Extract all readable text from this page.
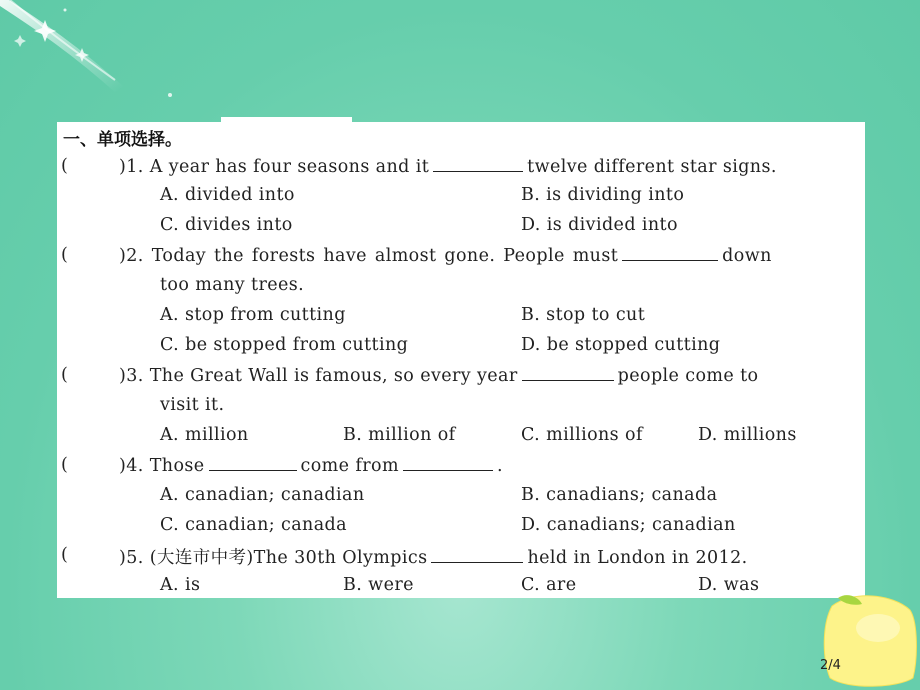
一、单项选择。
(	)1. A year has four seasons and it	twelve different star signs.
A. divided into	B. is dividing into
C. divides into	D. is divided into
(	)2. Today the forests have almost gone. People must	down
too many trees.
A. stop from cutting	B. stop to cut
C. be stopped from cutting	D. be stopped cutting
(	)3. The Great Wall is famous, so every year	people come to
visit it.
A. million	B. million of	C. millions of	D. millions
(	)4. Those	come from	.
A. canadian; canadian	B. canadians; canada
C. canadian; canada	D. canadians; canadian
(	)5. (大连市中考)The 30th Olympics	held in London in 2012.
A. is	B. were	C. are	D. was
2/4
